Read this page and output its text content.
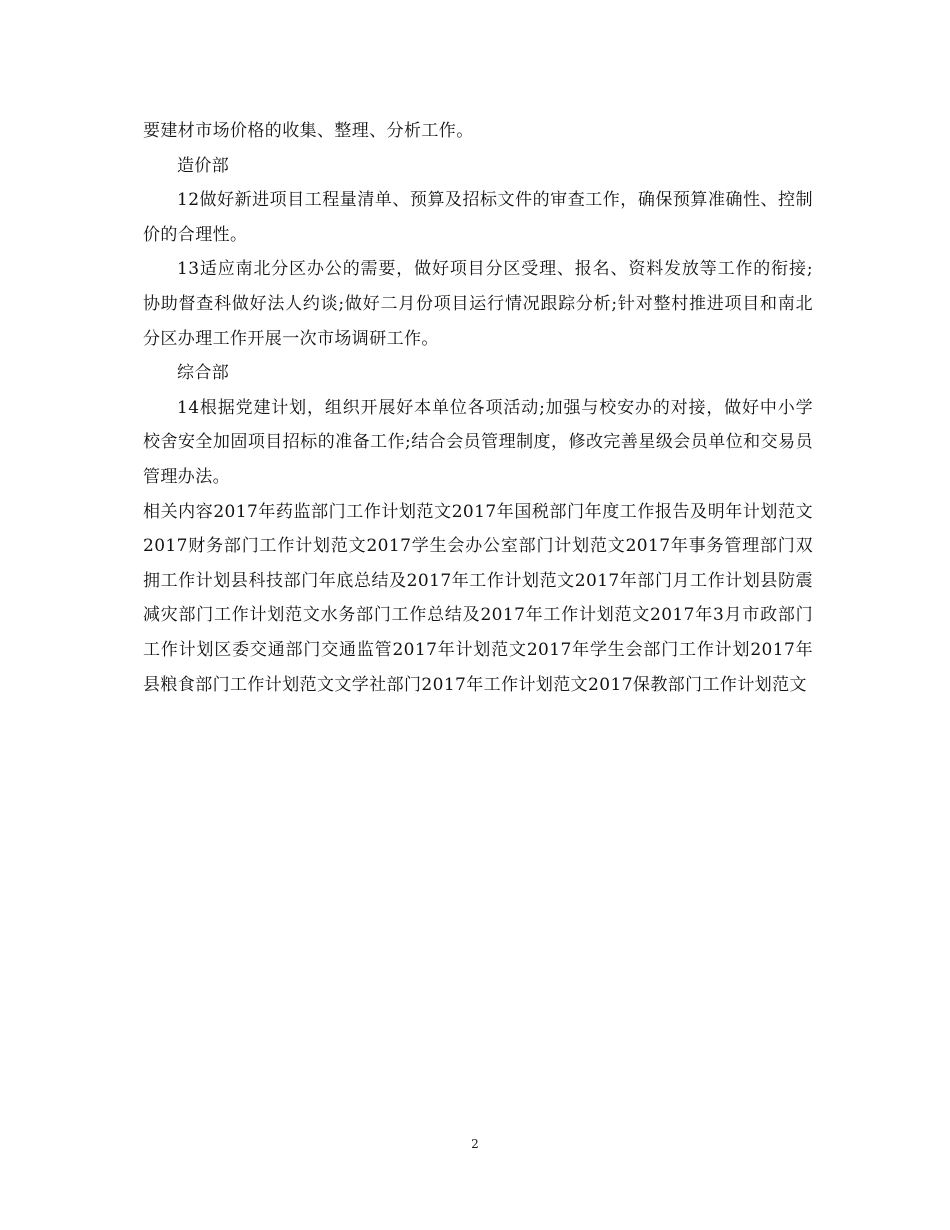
要建材市场价格的收集、整理、分析工作。

造价部

12做好新进项目工程量清单、预算及招标文件的审查工作，确保预算准确性、控制价的合理性。

13适应南北分区办公的需要，做好项目分区受理、报名、资料发放等工作的衔接;协助督查科做好法人约谈;做好二月份项目运行情况跟踪分析;针对整村推进项目和南北分区办理工作开展一次市场调研工作。

综合部

14根据党建计划，组织开展好本单位各项活动;加强与校安办的对接，做好中小学校舍安全加固项目招标的准备工作;结合会员管理制度，修改完善星级会员单位和交易员管理办法。

相关内容2017年药监部门工作计划范文2017年国税部门年度工作报告及明年计划范文2017财务部门工作计划范文2017学生会办公室部门计划范文2017年事务管理部门双拥工作计划县科技部门年底总结及2017年工作计划范文2017年部门月工作计划县防震减灾部门工作计划范文水务部门工作总结及2017年工作计划范文2017年3月市政部门工作计划区委交通部门交通监管2017年计划范文2017年学生会部门工作计划2017年县粮食部门工作计划范文文学社部门2017年工作计划范文2017保教部门工作计划范文

2
